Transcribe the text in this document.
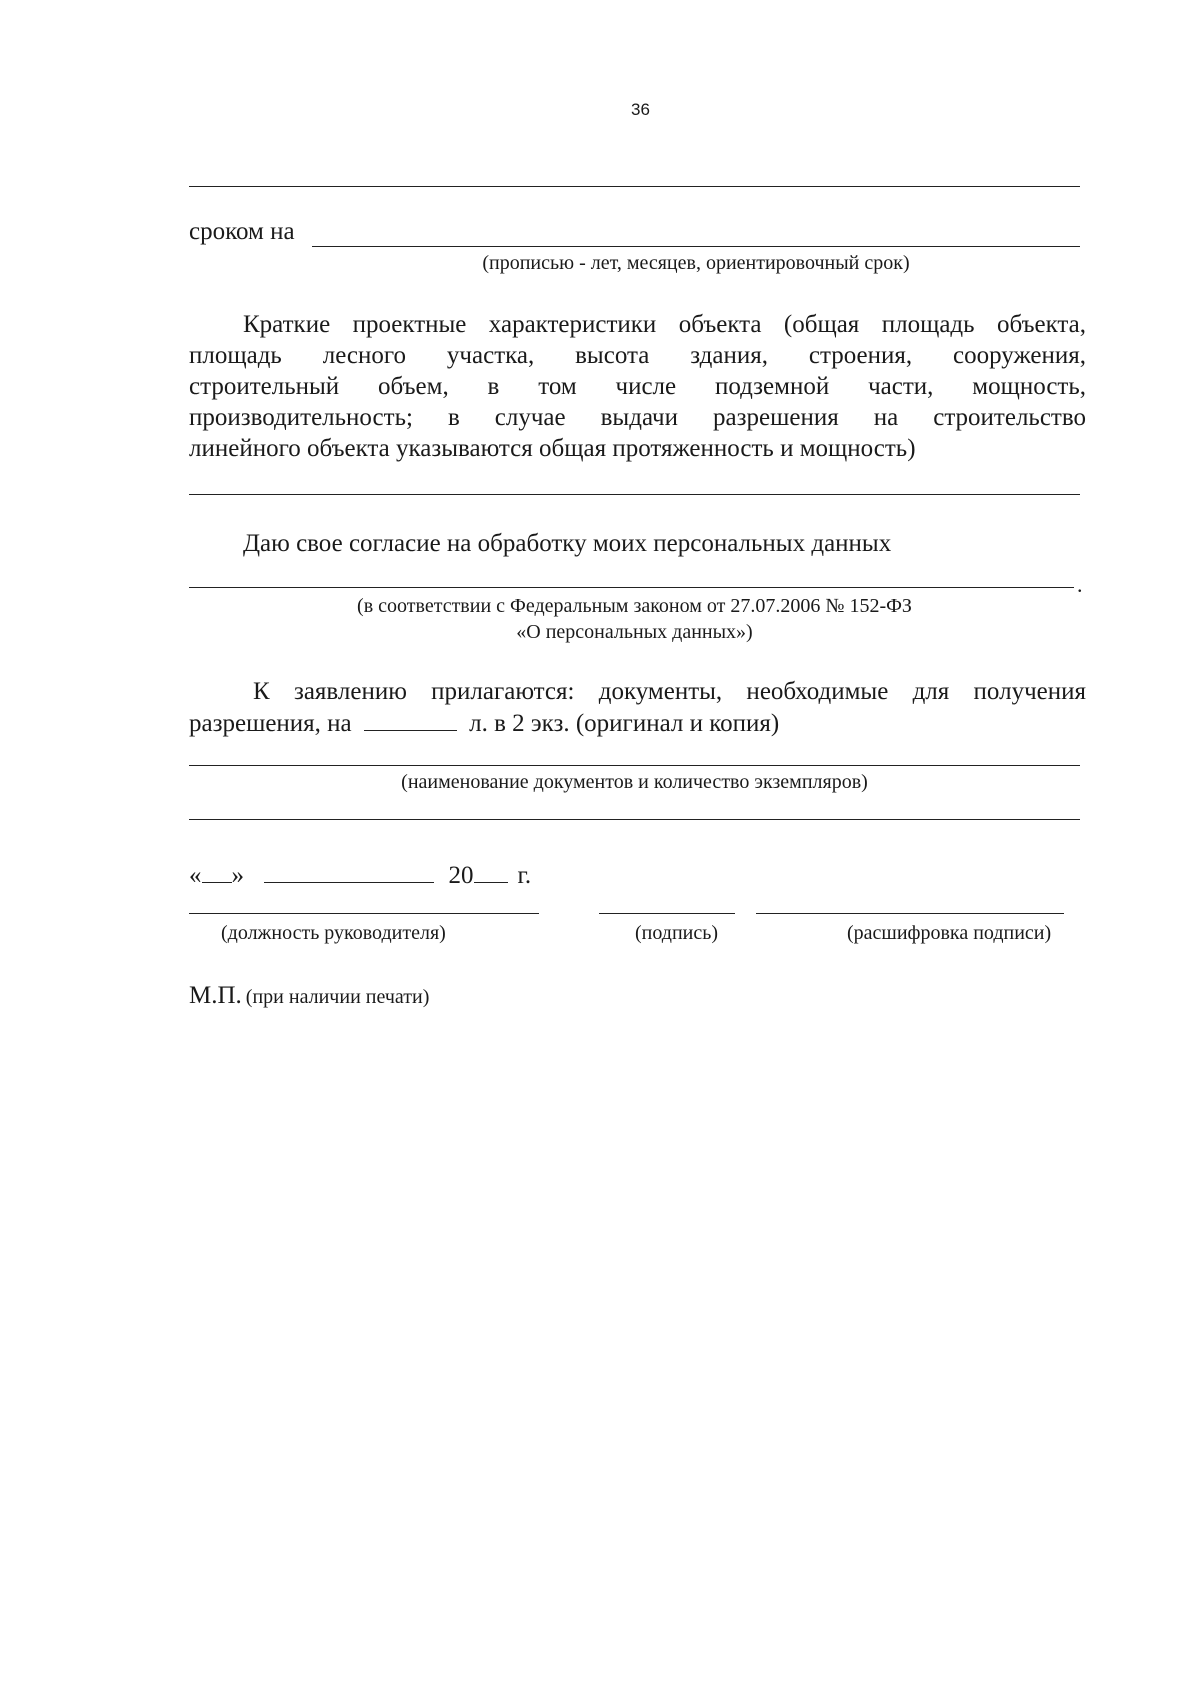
36
сроком на
(прописью - лет, месяцев, ориентировочный срок)
Краткие проектные характеристики объекта (общая площадь объекта,
площадь лесного участка, высота здания, строения, сооружения,
строительный объем, в том числе подземной части, мощность,
производительность; в случае выдачи разрешения на строительство
линейного объекта указываются общая протяженность и мощность)
Даю свое согласие на обработку моих персональных данных
.
(в соответствии с Федеральным законом от 27.07.2006 № 152-ФЗ
«О персональных данных»)
К заявлению прилагаются: документы, необходимые для получения
разрешения, на	л. в 2 экз. (оригинал и копия)
(наименование документов и количество экземпляров)
« »	20 г.
(должность руководителя)	(подпись)	(расшифровка подписи)
М.П. (при наличии печати)
